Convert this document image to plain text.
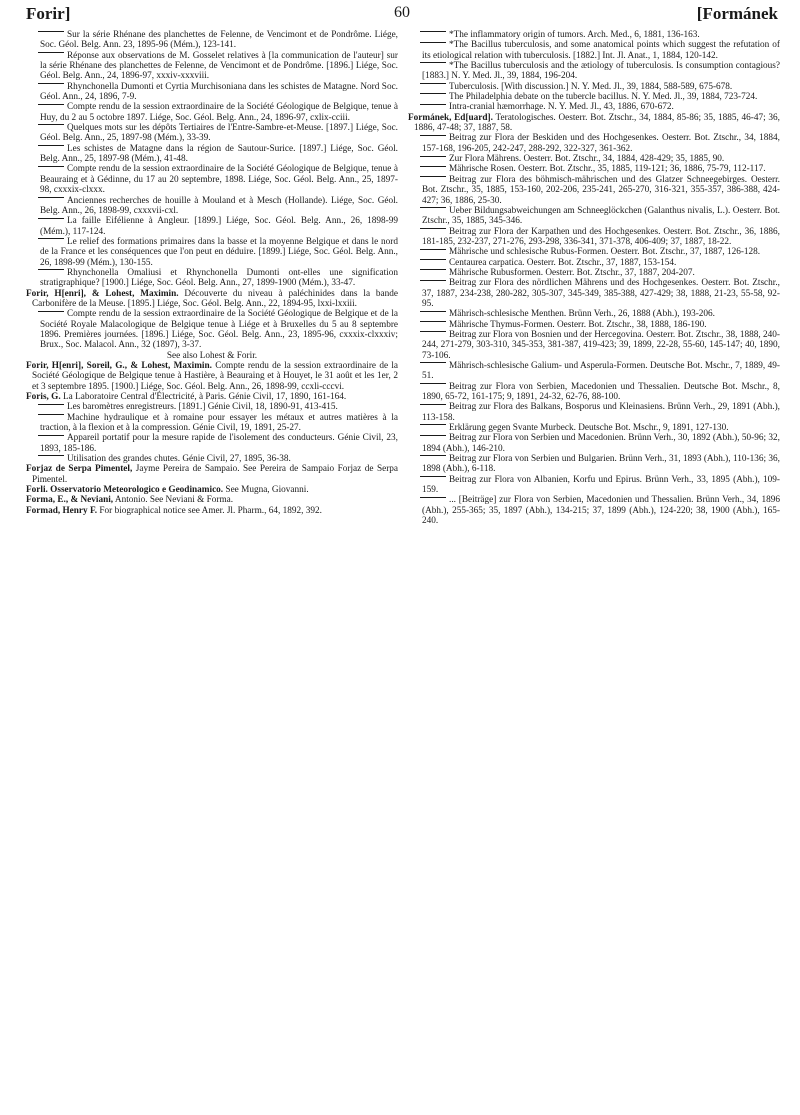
Forir]	60	[Formánek

Sur la série Rhénane des planchettes de Felenne, de Vencimont et de Pondrôme. Liége, Soc. Géol. Belg. Ann. 23, 1895-96 (Mém.), 123-141.

Réponse aux observations de M. Gosselet relatives à [la communication de l'auteur] sur la série Rhénane des planchettes de Felenne, de Vencimont et de Pondrôme. [1896.] Liége, Soc. Géol. Belg. Ann., 24, 1896-97, xxxiv-xxxviii.

Rhynchonella Dumonti et Cyrtia Murchisoniana dans les schistes de Matagne. Nord Soc. Géol. Ann., 24, 1896, 7-9.

Compte rendu de la session extraordinaire de la Société Géologique de Belgique, tenue à Huy, du 2 au 5 octobre 1897. Liége, Soc. Géol. Belg. Ann., 24, 1896-97, cxlix-cciii.

Quelques mots sur les dépôts Tertiaires de l'Entre-Sambre-et-Meuse. [1897.] Liége, Soc. Géol. Belg. Ann., 25, 1897-98 (Mém.), 33-39.

Les schistes de Matagne dans la région de Sautour-Surice. [1897.] Liége, Soc. Géol. Belg. Ann., 25, 1897-98 (Mém.), 41-48.

Compte rendu de la session extraordinaire de la Société Géologique de Belgique, tenue à Beauraing et à Gédinne, du 17 au 20 septembre, 1898. Liége, Soc. Géol. Belg. Ann., 25, 1897-98, cxxxix-clxxx.

Anciennes recherches de houille à Mouland et à Mesch (Hollande). Liége, Soc. Géol. Belg. Ann., 26, 1898-99, cxxxvii-cxl.

La faille Eifélienne à Angleur. [1899.] Liége, Soc. Géol. Belg. Ann., 26, 1898-99 (Mém.), 117-124.

Le relief des formations primaires dans la basse et la moyenne Belgique et dans le nord de la France et les conséquences que l'on peut en déduire. [1899.] Liége, Soc. Géol. Belg. Ann., 26, 1898-99 (Mém.), 130-155.

Rhynchonella Omaliusi et Rhynchonella Dumonti ont-elles une signification stratigraphique? [1900.] Liége, Soc. Géol. Belg. Ann., 27, 1899-1900 (Mém.), 33-47.

Forir, H[enri], & Lohest, Maximin. Découverte du niveau à paléchinides dans la bande Carbonifère de la Meuse. [1895.] Liége, Soc. Géol. Belg. Ann., 22, 1894-95, lxxi-lxxiii.

Compte rendu de la session extraordinaire de la Société Géologique de Belgique et de la Société Royale Malacologique de Belgique tenue à Liége et à Bruxelles du 5 au 8 septembre 1896. Premières journées. [1896.] Liége, Soc. Géol. Belg. Ann., 23, 1895-96, cxxxix-clxxxiv; Brux., Soc. Malacol. Ann., 32 (1897), 3-37.

See also Lohest & Forir.

Forir, H[enri], Soreil, G., & Lohest, Maximin. Compte rendu de la session extraordinaire de la Société Géologique de Belgique tenue à Hastière, à Beauraing et à Houyet, le 31 août et les 1er, 2 et 3 septembre 1895. [1900.] Liége, Soc. Géol. Belg. Ann., 26, 1898-99, ccxli-cccvi.

Foris, G. La Laboratoire Central d'Électricité, à Paris. Génie Civil, 17, 1890, 161-164.

Les baromètres enregistreurs. [1891.] Génie Civil, 18, 1890-91, 413-415.

Machine hydraulique et à romaine pour essayer les métaux et autres matières à la traction, à la flexion et à la compression. Génie Civil, 19, 1891, 25-27.

Appareil portatif pour la mesure rapide de l'isolement des conducteurs. Génie Civil, 23, 1893, 185-186.

Utilisation des grandes chutes. Génie Civil, 27, 1895, 36-38.

Forjaz de Serpa Pimentel, Jayme Pereira de Sampaio. See Pereira de Sampaio Forjaz de Serpa Pimentel.

Forli. Osservatorio Meteorologico e Geodinamico. See Mugna, Giovanni.

Forma, E., & Neviani, Antonio. See Neviani & Forma.

Formad, Henry F. For biographical notice see Amer. Jl. Pharm., 64, 1892, 392.

*The inflammatory origin of tumors. Arch. Med., 6, 1881, 136-163.

*The Bacillus tuberculosis, and some anatomical points which suggest the refutation of its etiological relation with tuberculosis. [1882.] Int. Jl. Anat., 1, 1884, 120-142.

*The Bacillus tuberculosis and the ætiology of tuberculosis. Is consumption contagious? [1883.] N. Y. Med. Jl., 39, 1884, 196-204.

Tuberculosis. [With discussion.] N. Y. Med. Jl., 39, 1884, 588-589, 675-678.

The Philadelphia debate on the tubercle bacillus. N. Y. Med. Jl., 39, 1884, 723-724.

Intra-cranial hæmorrhage. N. Y. Med. Jl., 43, 1886, 670-672.

Formánek, Ed[uard]. Teratologisches. Oesterr. Bot. Ztschr., 34, 1884, 85-86; 35, 1885, 46-47; 36, 1886, 47-48; 37, 1887, 58.

Beitrag zur Flora der Beskiden und des Hochgesenkes. Oesterr. Bot. Ztschr., 34, 1884, 157-168, 196-205, 242-247, 288-292, 322-327, 361-362.

Zur Flora Mährens. Oesterr. Bot. Ztschr., 34, 1884, 428-429; 35, 1885, 90.

Mährische Rosen. Oesterr. Bot. Ztschr., 35, 1885, 119-121; 36, 1886, 75-79, 112-117.

Beitrag zur Flora des böhmisch-mährischen und des Glatzer Schneegebirges. Oesterr. Bot. Ztschr., 35, 1885, 153-160, 202-206, 235-241, 265-270, 316-321, 355-357, 386-388, 424-427; 36, 1886, 25-30.

Ueber Bildungsabweichungen am Schneeglöckchen (Galanthus nivalis, L.). Oesterr. Bot. Ztschr., 35, 1885, 345-346.

Beitrag zur Flora der Karpathen und des Hochgesenkes. Oesterr. Bot. Ztschr., 36, 1886, 181-185, 232-237, 271-276, 293-298, 336-341, 371-378, 406-409; 37, 1887, 18-22.

Mährische und schlesische Rubus-Formen. Oesterr. Bot. Ztschr., 37, 1887, 126-128.

Centaurea carpatica. Oesterr. Bot. Ztschr., 37, 1887, 153-154.

Mährische Rubusformen. Oesterr. Bot. Ztschr., 37, 1887, 204-207.

Beitrag zur Flora des nördlichen Mährens und des Hochgesenkes. Oesterr. Bot. Ztschr., 37, 1887, 234-238, 280-282, 305-307, 345-349, 385-388, 427-429; 38, 1888, 21-23, 55-58, 92-95.

Mährisch-schlesische Menthen. Brünn Verh., 26, 1888 (Abh.), 193-206.

Mährische Thymus-Formen. Oesterr. Bot. Ztschr., 38, 1888, 186-190.

Beitrag zur Flora von Bosnien und der Hercegovina. Oesterr. Bot. Ztschr., 38, 1888, 240-244, 271-279, 303-310, 345-353, 381-387, 419-423; 39, 1899, 22-28, 55-60, 145-147; 40, 1890, 73-106.

Mährisch-schlesische Galium- und Asperula-Formen. Deutsche Bot. Mschr., 7, 1889, 49-51.

Beitrag zur Flora von Serbien, Macedonien und Thessalien. Deutsche Bot. Mschr., 8, 1890, 65-72, 161-175; 9, 1891, 24-32, 62-76, 88-100.

Beitrag zur Flora des Balkans, Bosporus und Kleinasiens. Brünn Verh., 29, 1891 (Abh.), 113-158.

Erklärung gegen Svante Murbeck. Deutsche Bot. Mschr., 9, 1891, 127-130.

Beitrag zur Flora von Serbien und Macedonien. Brünn Verh., 30, 1892 (Abh.), 50-96; 32, 1894 (Abh.), 146-210.

Beitrag zur Flora von Serbien und Bulgarien. Brünn Verh., 31, 1893 (Abh.), 110-136; 36, 1898 (Abh.), 6-118.

Beitrag zur Flora von Albanien, Korfu und Epirus. Brünn Verh., 33, 1895 (Abh.), 109-159.

... [Beiträge] zur Flora von Serbien, Macedonien und Thessalien. Brünn Verh., 34, 1896 (Abh.), 255-365; 35, 1897 (Abh.), 134-215; 37, 1899 (Abh.), 124-220; 38, 1900 (Abh.), 165-240.
